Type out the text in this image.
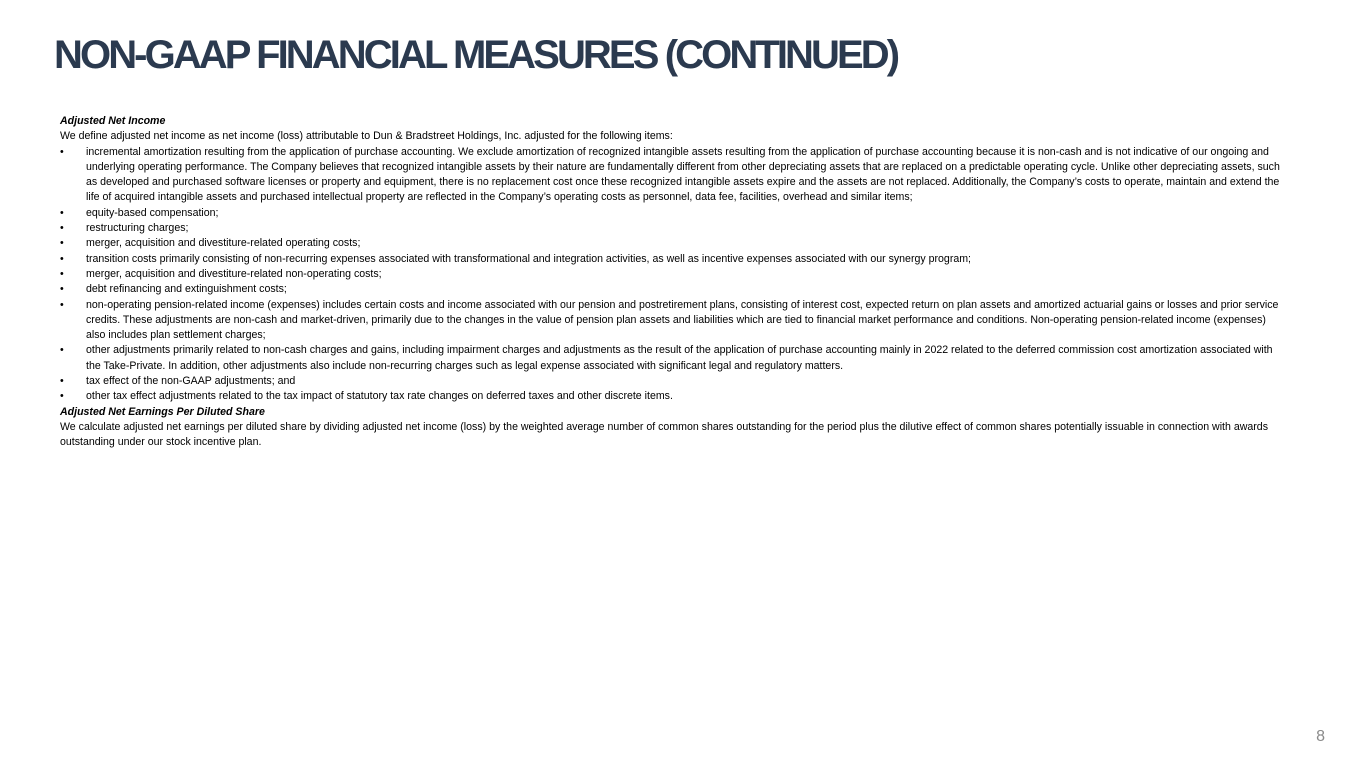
NON-GAAP FINANCIAL MEASURES (CONTINUED)

Adjusted Net Income

We define adjusted net income as net income (loss) attributable to Dun & Bradstreet Holdings, Inc. adjusted for the following items:

• incremental amortization resulting from the application of purchase accounting. We exclude amortization of recognized intangible assets resulting from the application of purchase accounting because it is non-cash and is not indicative of our ongoing and underlying operating performance. The Company believes that recognized intangible assets by their nature are fundamentally different from other depreciating assets that are replaced on a predictable operating cycle. Unlike other depreciating assets, such as developed and purchased software licenses or property and equipment, there is no replacement cost once these recognized intangible assets expire and the assets are not replaced. Additionally, the Company’s costs to operate, maintain and extend the life of acquired intangible assets and purchased intellectual property are reflected in the Company’s operating costs as personnel, data fee, facilities, overhead and similar items;
• equity-based compensation;
• restructuring charges;
• merger, acquisition and divestiture-related operating costs;
• transition costs primarily consisting of non-recurring expenses associated with transformational and integration activities, as well as incentive expenses associated with our synergy program;
• merger, acquisition and divestiture-related non-operating costs;
• debt refinancing and extinguishment costs;
• non-operating pension-related income (expenses) includes certain costs and income associated with our pension and postretirement plans, consisting of interest cost, expected return on plan assets and amortized actuarial gains or losses and prior service credits. These adjustments are non-cash and market-driven, primarily due to the changes in the value of pension plan assets and liabilities which are tied to financial market performance and conditions. Non-operating pension-related income (expenses) also includes plan settlement charges;
• other adjustments primarily related to non-cash charges and gains, including impairment charges and adjustments as the result of the application of purchase accounting mainly in 2022 related to the deferred commission cost amortization associated with the Take-Private. In addition, other adjustments also include non-recurring charges such as legal expense associated with significant legal and regulatory matters.
• tax effect of the non-GAAP adjustments; and
• other tax effect adjustments related to the tax impact of statutory tax rate changes on deferred taxes and other discrete items.

Adjusted Net Earnings Per Diluted Share

We calculate adjusted net earnings per diluted share by dividing adjusted net income (loss) by the weighted average number of common shares outstanding for the period plus the dilutive effect of common shares potentially issuable in connection with awards outstanding under our stock incentive plan.

8
